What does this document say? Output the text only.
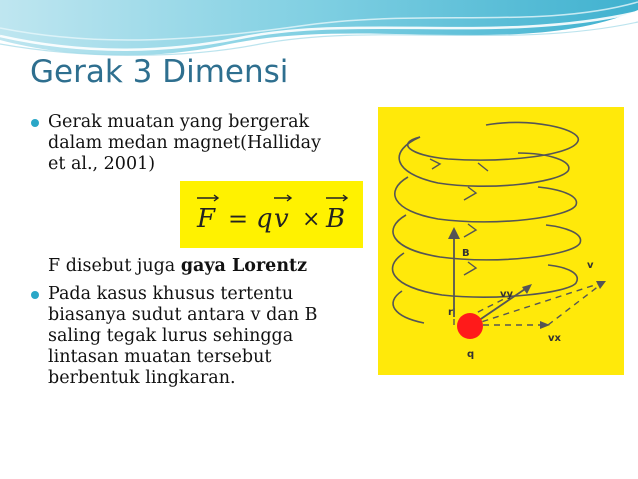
Gerak 3 Dimensi
Gerak muatan yang bergerak
dalam medan magnet(Halliday
et al., 2001)
F = q v × B
F disebut juga gaya Lorentz
Pada kasus khusus tertentu
biasanya sudut antara v dan B
saling tegak lurus sehingga
lintasan muatan tersebut
berbentuk lingkaran.
B
v
vy
vx
r
q
